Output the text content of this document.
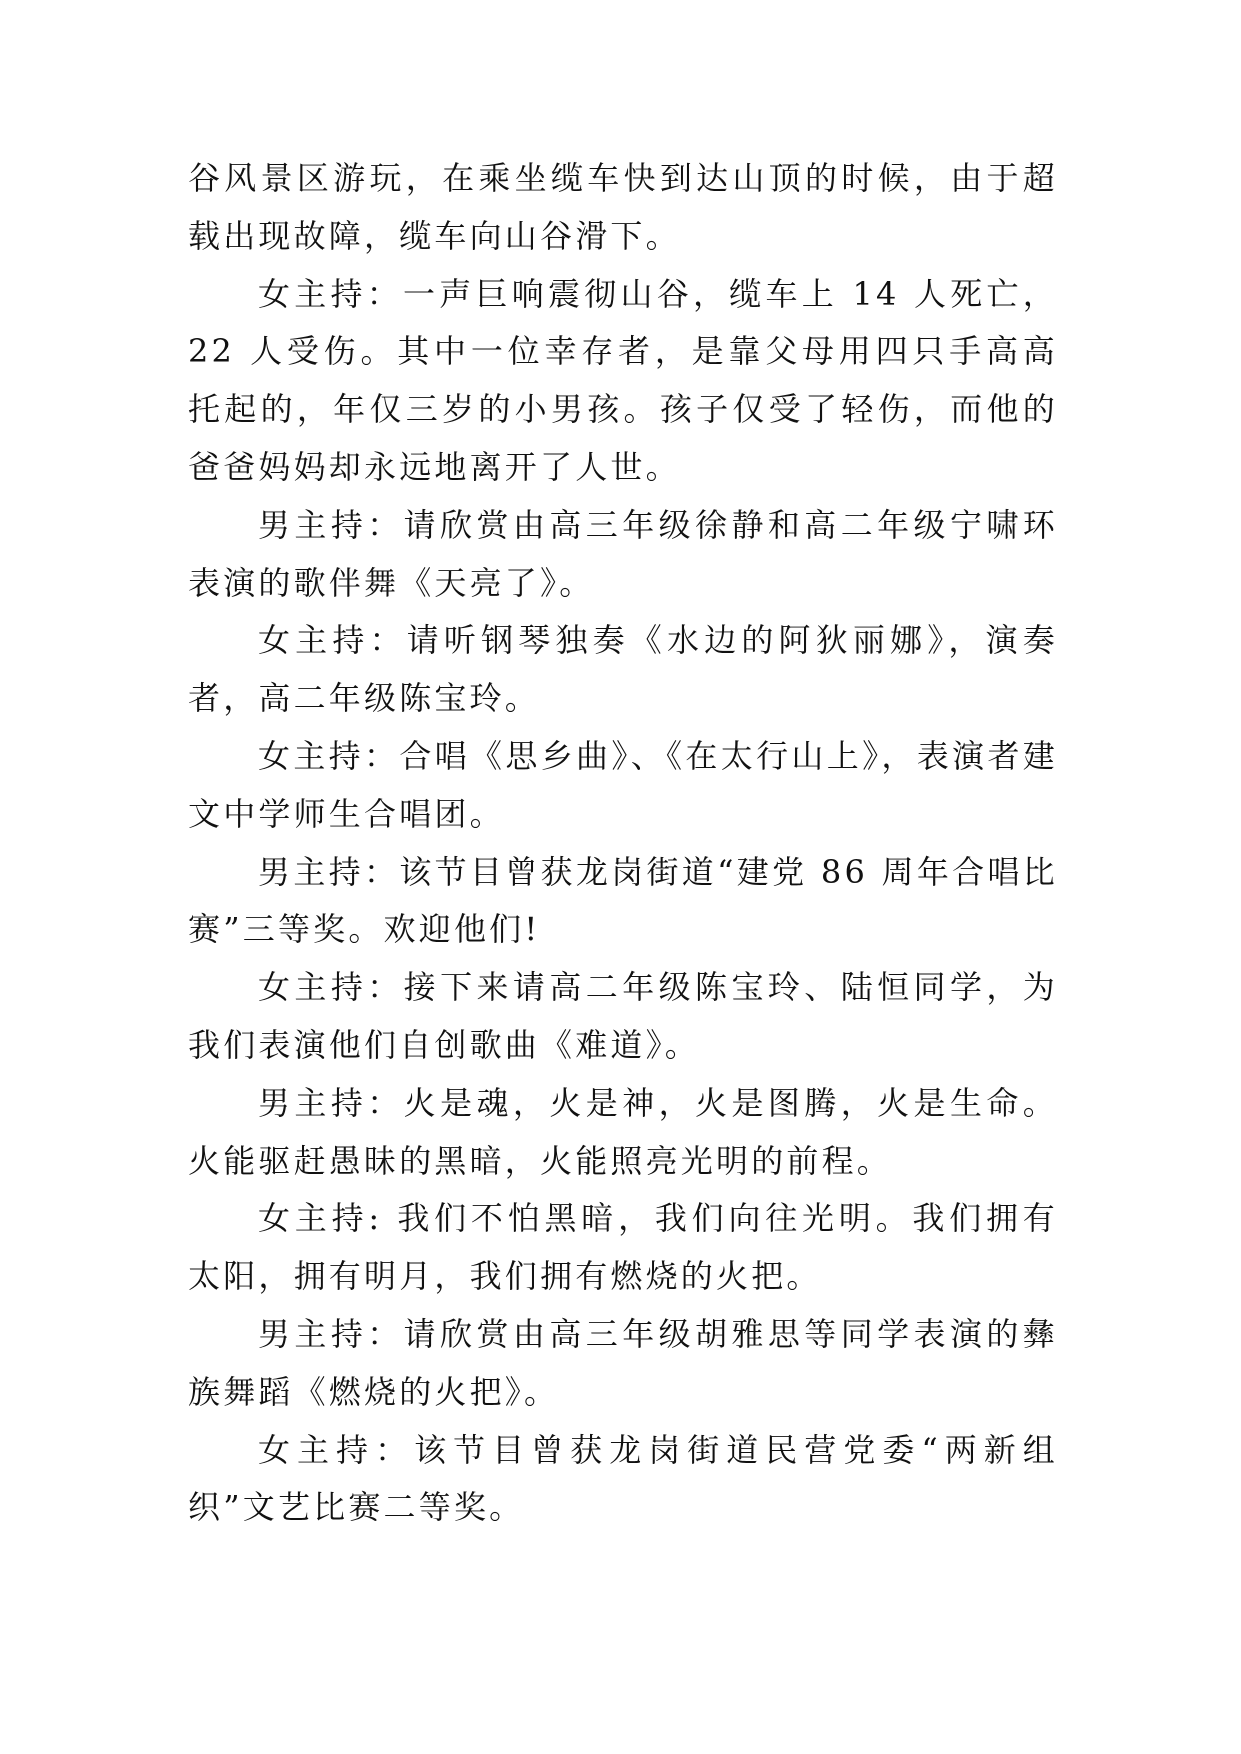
谷风景区游玩，在乘坐缆车快到达山顶的时候，由于超载出现故障，缆车向山谷滑下。

女主持：一声巨响震彻山谷，缆车上 14 人死亡，22 人受伤。其中一位幸存者，是靠父母用四只手高高托起的，年仅三岁的小男孩。孩子仅受了轻伤，而他的爸爸妈妈却永远地离开了人世。

男主持：请欣赏由高三年级徐静和高二年级宁啸环表演的歌伴舞《天亮了》。

女主持：请听钢琴独奏《水边的阿狄丽娜》，演奏者，高二年级陈宝玲。

女主持：合唱《思乡曲》、《在太行山上》，表演者建文中学师生合唱团。

男主持：该节目曾获龙岗街道“建党 86 周年合唱比赛”三等奖。欢迎他们!

女主持：接下来请高二年级陈宝玲、陆恒同学，为我们表演他们自创歌曲《难道》。

男主持：火是魂，火是神，火是图腾，火是生命。火能驱赶愚昧的黑暗，火能照亮光明的前程。

女主持: 我们不怕黑暗，我们向往光明。我们拥有太阳，拥有明月，我们拥有燃烧的火把。

男主持：请欣赏由高三年级胡雅思等同学表演的彝族舞蹈《燃烧的火把》。

女主持：该节目曾获龙岗街道民营党委“两新组织”文艺比赛二等奖。
